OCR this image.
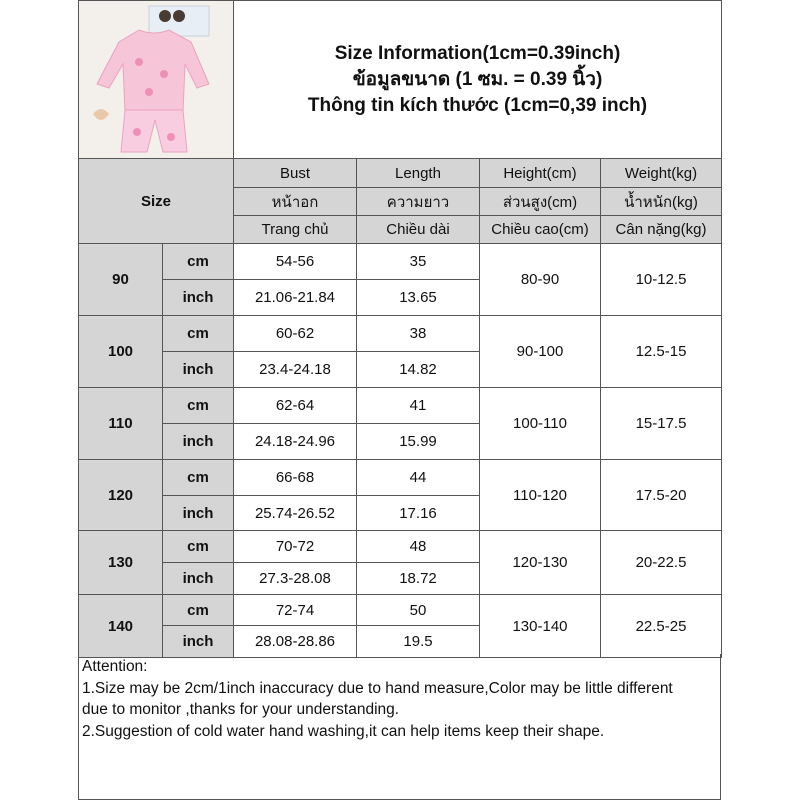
Size Information(1cm=0.39inch)
ข้อมูลขนาด (1 ซม. = 0.39 นิ้ว)
Thông tin kích thước (1cm=0,39 inch)			

Size		Bust	Length	Height(cm)	Weight(kg)
		หน้าอก	ความยาว	ส่วนสูง(cm)	น้ำหนัก(kg)
		Trang chủ	Chiều dài	Chiều cao(cm)	Cân nặng(kg)
90	cm	54-56	35	80-90	10-12.5
	inch	21.06-21.84	13.65		
100	cm	60-62	38	90-100	12.5-15
	inch	23.4-24.18	14.82		
110	cm	62-64	41	100-110	15-17.5
	inch	24.18-24.96	15.99		
120	cm	66-68	44	110-120	17.5-20
	inch	25.74-26.52	17.16		
130	cm	70-72	48	120-130	20-22.5
	inch	27.3-28.08	18.72		
140	cm	72-74	50	130-140	22.5-25
	inch	28.08-28.86	19.5		
Attention:
1.Size may be 2cm/1inch inaccuracy due to hand measure,Color may be little different
due to monitor ,thanks for your understanding.
2.Suggestion of cold water hand washing,it can help items keep their shape.
